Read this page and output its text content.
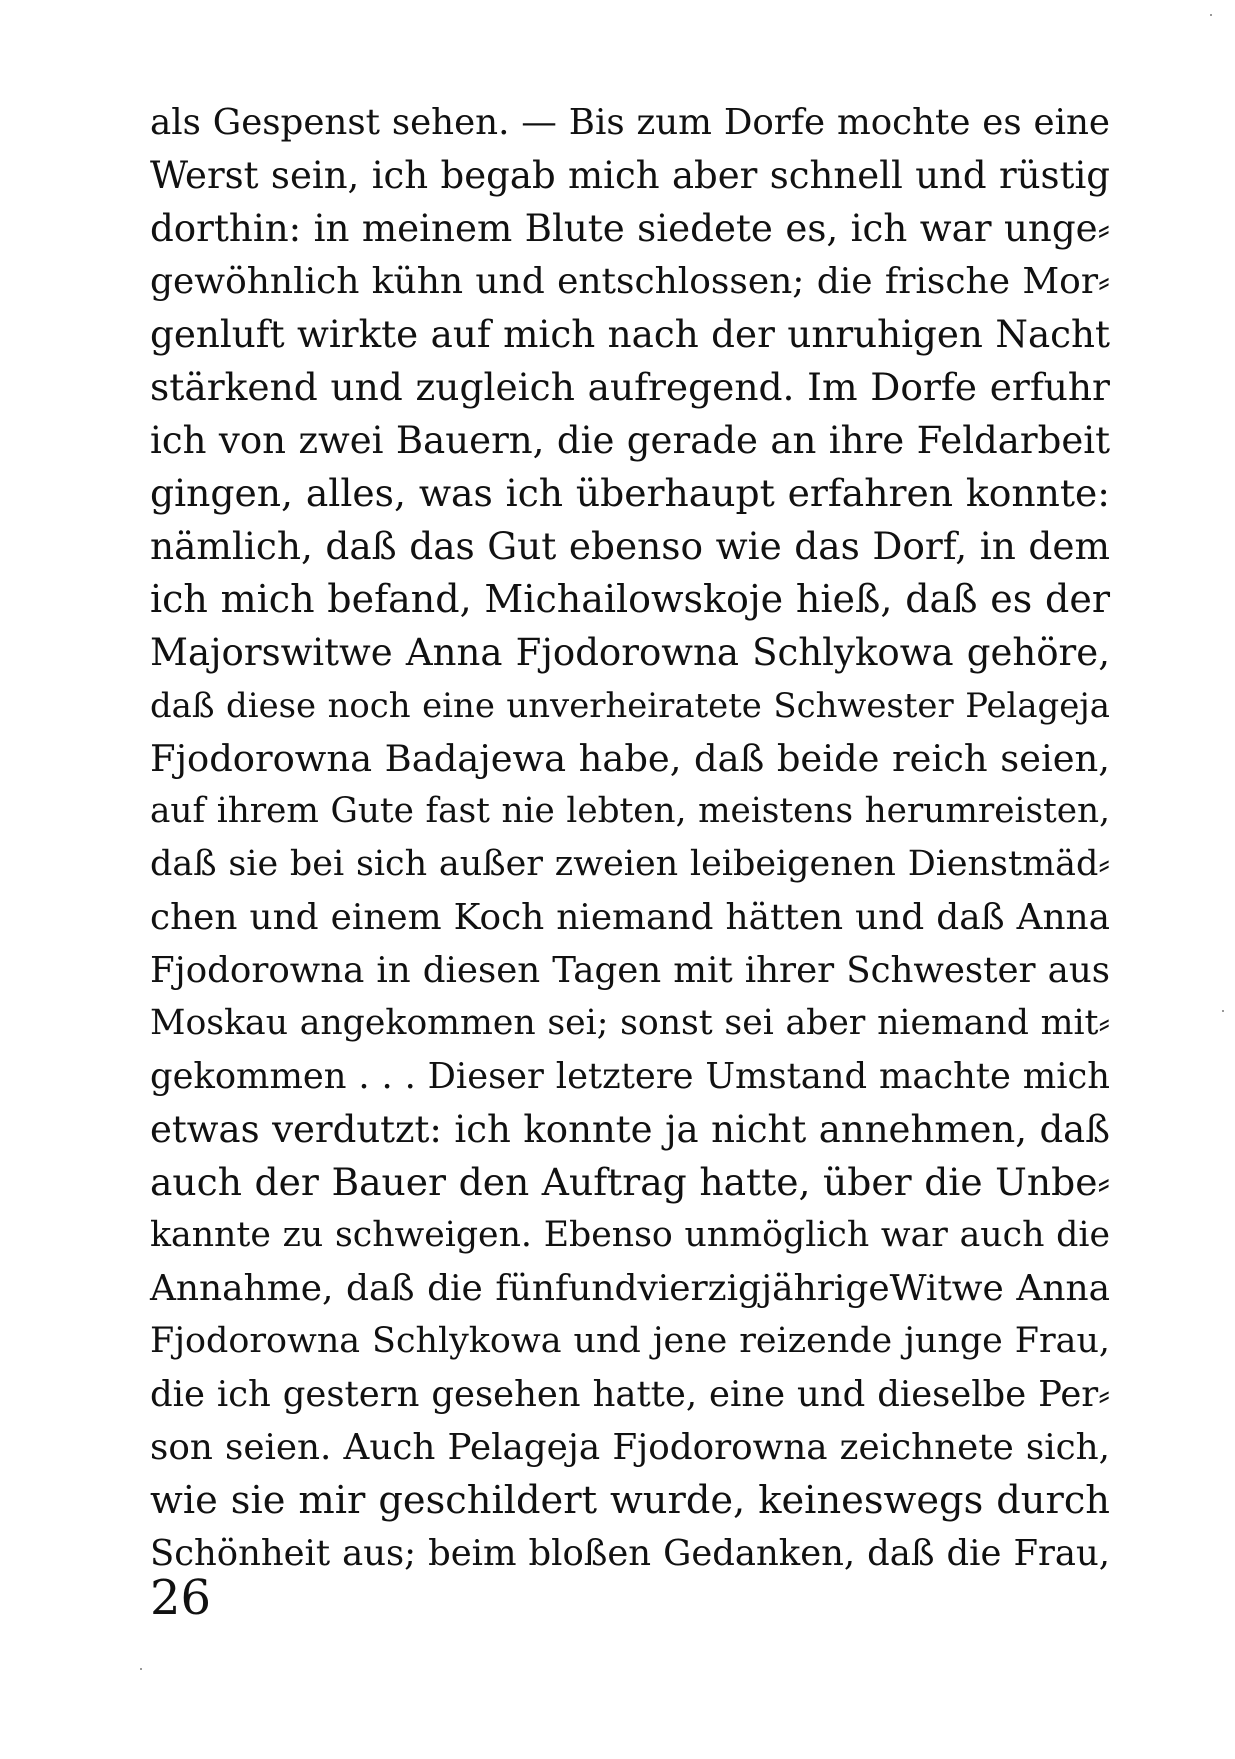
als Gespenst sehen. — Bis zum Dorfe mochte es eine
Werst sein, ich begab mich aber schnell und rüstig
dorthin: in meinem Blute siedete es, ich war unge⸗
gewöhnlich kühn und entschlossen; die frische Mor⸗
genluft wirkte auf mich nach der unruhigen Nacht
stärkend und zugleich aufregend. Im Dorfe erfuhr
ich von zwei Bauern, die gerade an ihre Feldarbeit
gingen, alles, was ich überhaupt erfahren konnte:
nämlich, daß das Gut ebenso wie das Dorf, in dem
ich mich befand, Michailowskoje hieß, daß es der
Majorswitwe Anna Fjodorowna Schlykowa gehöre,
daß diese noch eine unverheiratete Schwester Pelageja
Fjodorowna Badajewa habe, daß beide reich seien,
auf ihrem Gute fast nie lebten, meistens herumreisten,
daß sie bei sich außer zweien leibeigenen Dienstmäd⸗
chen und einem Koch niemand hätten und daß Anna
Fjodorowna in diesen Tagen mit ihrer Schwester aus
Moskau angekommen sei; sonst sei aber niemand mit⸗
gekommen . . . Dieser letztere Umstand machte mich
etwas verdutzt: ich konnte ja nicht annehmen, daß
auch der Bauer den Auftrag hatte, über die Unbe⸗
kannte zu schweigen. Ebenso unmöglich war auch die
Annahme, daß die fünfundvierzigjährigeWitwe Anna
Fjodorowna Schlykowa und jene reizende junge Frau,
die ich gestern gesehen hatte, eine und dieselbe Per⸗
son seien. Auch Pelageja Fjodorowna zeichnete sich,
wie sie mir geschildert wurde, keineswegs durch
Schönheit aus; beim bloßen Gedanken, daß die Frau,
26
